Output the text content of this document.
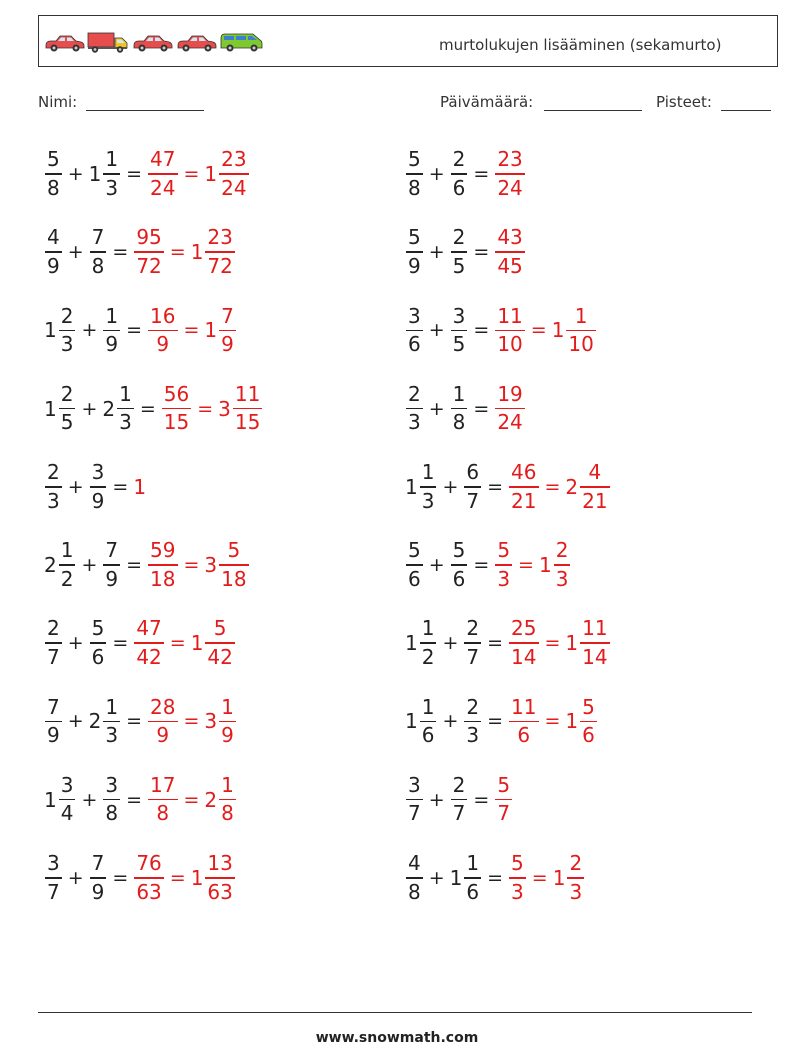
murtolukujen lisääminen (sekamurto)
Nimi:	Päivämäärä:	Pisteet:
$\frac{5}{8} + 1 \frac{1}{3} = \frac{47}{24} = 1 \frac{23}{24}$
$\frac{4}{9} + \frac{7}{8} = \frac{95}{72} = 1 \frac{23}{72}$
$1 \frac{2}{3} + \frac{1}{9} = \frac{16}{9} = 1 \frac{7}{9}$
$1 \frac{2}{5} + 2 \frac{1}{3} = \frac{56}{15} = 3 \frac{11}{15}$
$\frac{2}{3} + \frac{3}{9} = 1$
$2 \frac{1}{2} + \frac{7}{9} = \frac{59}{18} = 3 \frac{5}{18}$
$\frac{2}{7} + \frac{5}{6} = \frac{47}{42} = 1 \frac{5}{42}$
$\frac{7}{9} + 2 \frac{1}{3} = \frac{28}{9} = 3 \frac{1}{9}$
$1 \frac{3}{4} + \frac{3}{8} = \frac{17}{8} = 2 \frac{1}{8}$
$\frac{3}{7} + \frac{7}{9} = \frac{76}{63} = 1 \frac{13}{63}$
$\frac{5}{8} + \frac{2}{6} = \frac{23}{24}$
$\frac{5}{9} + \frac{2}{5} = \frac{43}{45}$
$\frac{3}{6} + \frac{3}{5} = \frac{11}{10} = 1 \frac{1}{10}$
$\frac{2}{3} + \frac{1}{8} = \frac{19}{24}$
$1 \frac{1}{3} + \frac{6}{7} = \frac{46}{21} = 2 \frac{4}{21}$
$\frac{5}{6} + \frac{5}{6} = \frac{5}{3} = 1 \frac{2}{3}$
$1 \frac{1}{2} + \frac{2}{7} = \frac{25}{14} = 1 \frac{11}{14}$
$1 \frac{1}{6} + \frac{2}{3} = \frac{11}{6} = 1 \frac{5}{6}$
$\frac{3}{7} + \frac{2}{7} = \frac{5}{7}$
$\frac{4}{8} + 1 \frac{1}{6} = \frac{5}{3} = 1 \frac{2}{3}$
www.snowmath.com
